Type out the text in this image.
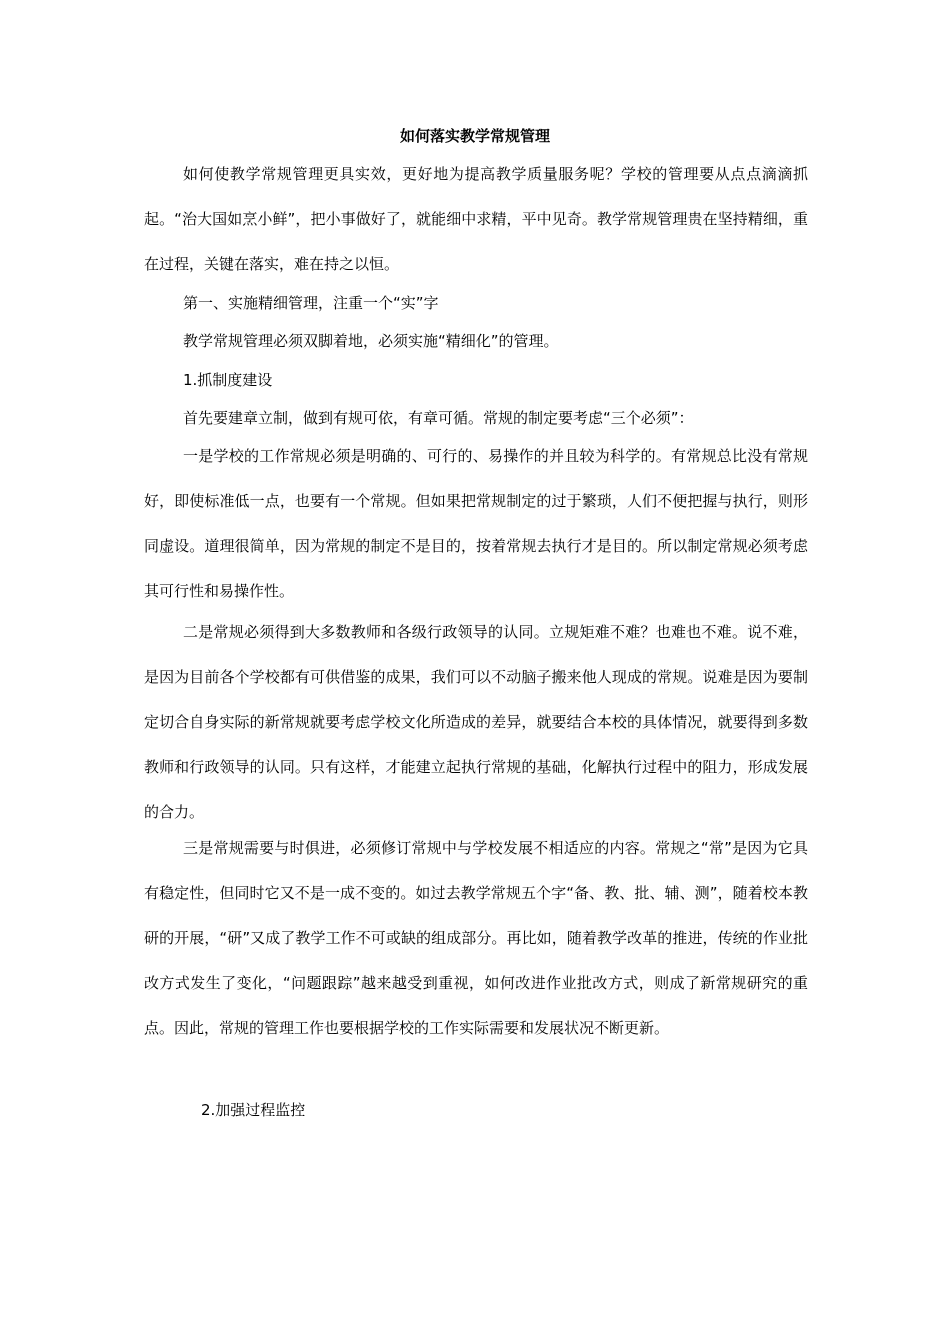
如何落实教学常规管理

如何使教学常规管理更具实效，更好地为提高教学质量服务呢？学校的管理要从点点滴滴抓起。“治大国如烹小鲜”，把小事做好了，就能细中求精，平中见奇。教学常规管理贵在坚持精细，重在过程，关键在落实，难在持之以恒。

第一、实施精细管理，注重一个“实”字

教学常规管理必须双脚着地，必须实施“精细化”的管理。

1.抓制度建设

首先要建章立制，做到有规可依，有章可循。常规的制定要考虑“三个必须”：

一是学校的工作常规必须是明确的、可行的、易操作的并且较为科学的。有常规总比没有常规好，即使标准低一点，也要有一个常规。但如果把常规制定的过于繁琐，人们不便把握与执行，则形同虚设。道理很简单，因为常规的制定不是目的，按着常规去执行才是目的。所以制定常规必须考虑其可行性和易操作性。

二是常规必须得到大多数教师和各级行政领导的认同。立规矩难不难？也难也不难。说不难，是因为目前各个学校都有可供借鉴的成果，我们可以不动脑子搬来他人现成的常规。说难是因为要制定切合自身实际的新常规就要考虑学校文化所造成的差异，就要结合本校的具体情况，就要得到多数教师和行政领导的认同。只有这样，才能建立起执行常规的基础，化解执行过程中的阻力，形成发展的合力。

三是常规需要与时俱进，必须修订常规中与学校发展不相适应的内容。常规之“常”是因为它具有稳定性，但同时它又不是一成不变的。如过去教学常规五个字“备、教、批、辅、测”，随着校本教研的开展，“研”又成了教学工作不可或缺的组成部分。再比如，随着教学改革的推进，传统的作业批改方式发生了变化，“问题跟踪”越来越受到重视，如何改进作业批改方式，则成了新常规研究的重点。因此，常规的管理工作也要根据学校的工作实际需要和发展状况不断更新。

2.加强过程监控
